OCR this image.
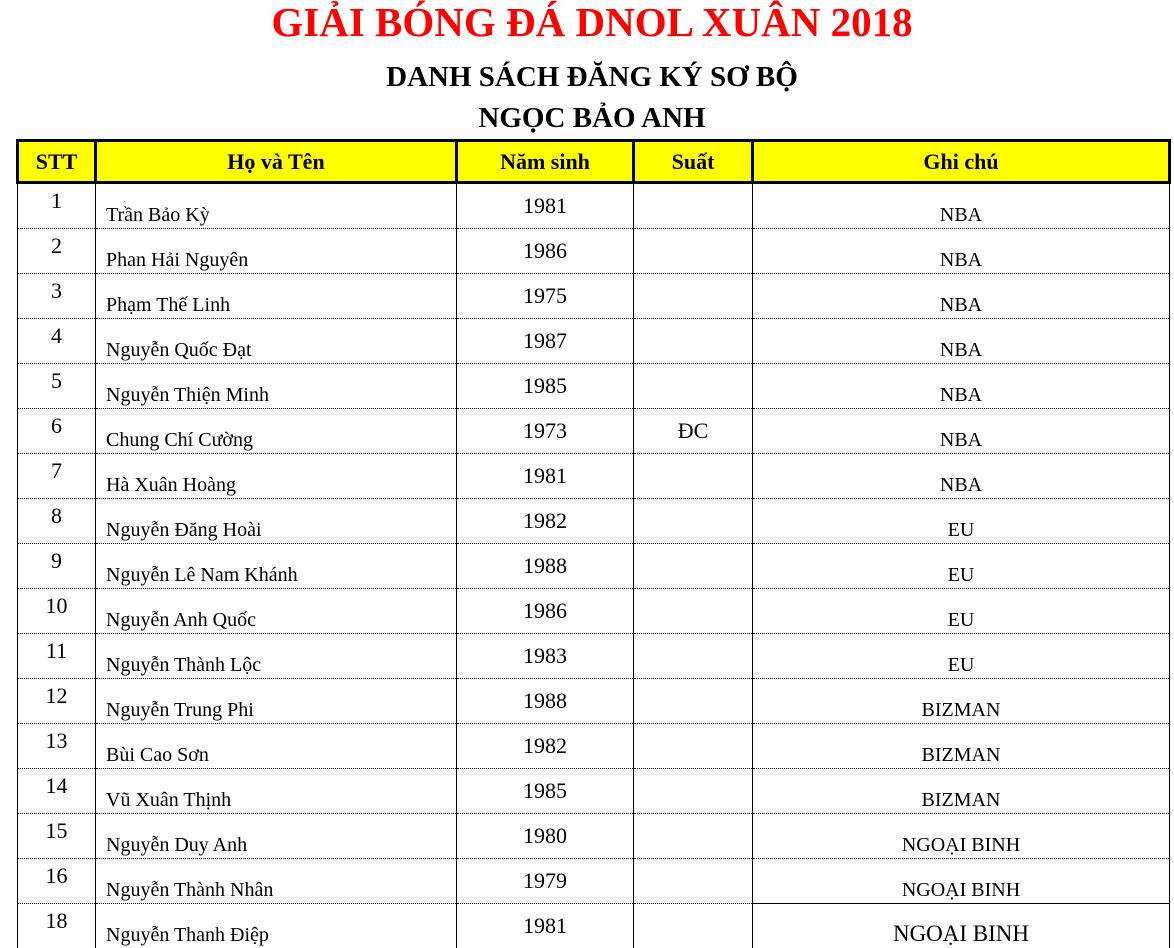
GIẢI BÓNG ĐÁ DNOL XUÂN 2018
DANH SÁCH ĐĂNG KÝ SƠ BỘ
NGỌC BẢO ANH
STT	Họ và Tên	Năm sinh	Suất	Ghi chú
1	Trần Bảo Kỳ	1981		NBA
2	Phan Hải Nguyên	1986		NBA
3	Phạm Thế Linh	1975		NBA
4	Nguyễn Quốc Đạt	1987		NBA
5	Nguyễn Thiện Minh	1985		NBA
6	Chung Chí Cường	1973	ĐC	NBA
7	Hà Xuân Hoàng	1981		NBA
8	Nguyễn Đăng Hoài	1982		EU
9	Nguyễn Lê Nam Khánh	1988		EU
10	Nguyễn Anh Quốc	1986		EU
11	Nguyễn Thành Lộc	1983		EU
12	Nguyễn Trung Phi	1988		BIZMAN
13	Bùi Cao Sơn	1982		BIZMAN
14	Vũ Xuân Thịnh	1985		BIZMAN
15	Nguyễn Duy Anh	1980		NGOẠI BINH
16	Nguyễn Thành Nhân	1979		NGOẠI BINH
18	Nguyễn Thanh Điệp	1981		NGOẠI BINH
